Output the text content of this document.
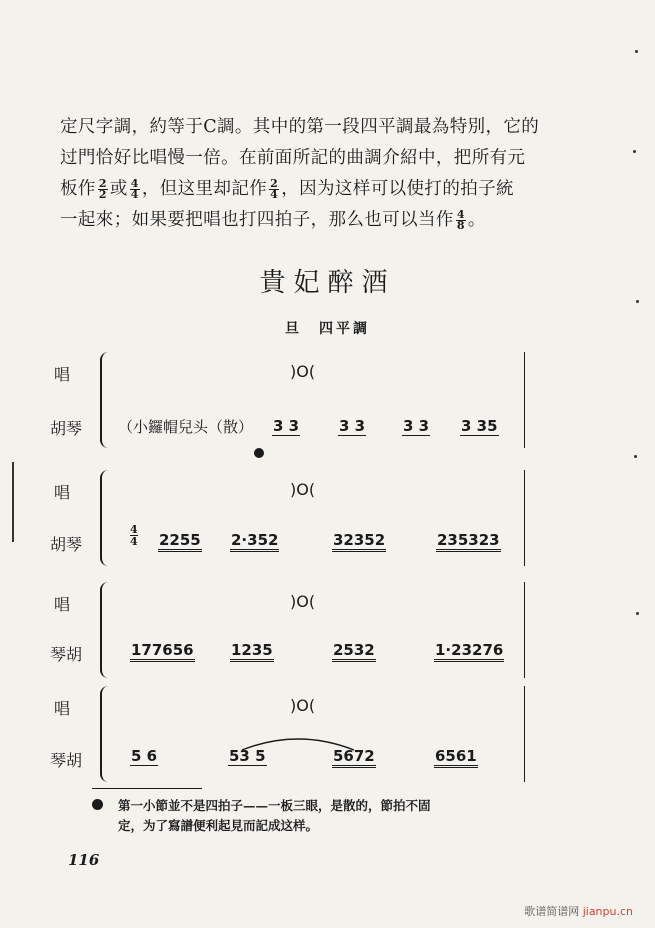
定尺字調，約等于C調。其中的第一段四平調最為特別，它的
过門恰好比唱慢一倍。在前面所記的曲調介紹中，把所有元
板作 $\frac{2}{2}$ 或 $\frac{4}{4}$ ，但这里却記作 $\frac{2}{4}$ ，因为这样可以使打的拍子統
一起來；如果要把唱也打四拍子，那么也可以当作 $\frac{4}{8}$ 。
貴妃醉酒
旦　四平調
唱
胡琴
)O(
（小鑼帽兒头（散） 3 3	3 3	3 3 3 35
唱
胡琴
)O(
$\frac{4}{4} 2255$ 2·352	32352	235323
唱
琴胡
)O(
177656 1235	2532	1·23276
唱
琴胡
)O(
5 6	53 5	5672	6561
第一小節並不是四拍子——一板三眼，是散的，節拍不固
定，为了寫譜便利起見而記成这样。
116
歌谱简谱网 jianpu.cn
